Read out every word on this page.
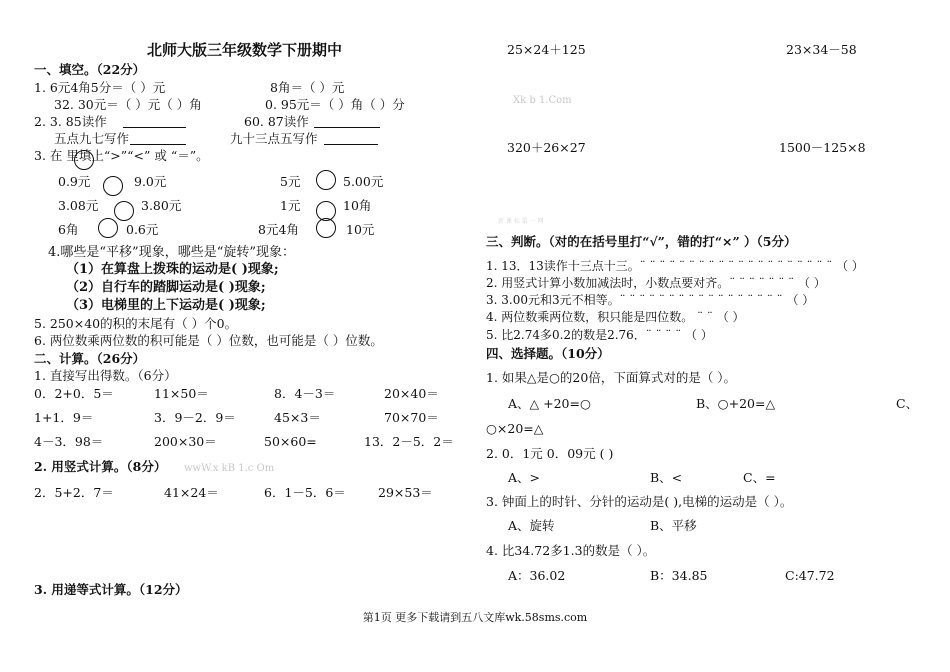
北师大版三年级数学下册期中
一、填空。（22分）
1. 6元4角5分＝（ ）元	8角＝（ ）元
32. 30元＝（ ）元（ ）角	0. 95元＝（ ）角（ ）分
2. 3. 85读作	60. 87读作
五点九七写作	九十三点五写作
3. 在 里填上“>”“<” 或 “＝”。
0.9元	9.0元	5元	5.00元
3.08元	3.80元	1元	10角
6角	0.6元	8元4角	10元
4.哪些是“平移”现象，哪些是“旋转”现象：
（1）在算盘上拨珠的运动是( )现象;
（2）自行车的踏脚运动是( )现象;
（3）电梯里的上下运动是( )现象;
5. 250×40的积的末尾有（ ）个0。
6. 两位数乘两位数的积可能是（ ）位数，也可能是（ ）位数。
二、计算。（26分）
1. 直接写出得数。（6分）
0．2+0．5＝	11×50＝	8．4－3＝	20×40＝
1+1．9＝	3．9－2．9＝	45×3＝	70×70＝
4－3．98＝	200×30＝	50×60=	13．2－5．2＝
2. 用竖式计算。（8分） wwW.x kB 1.c Om
2．5+2．7＝	41×24＝	6．1－5．6＝	29×53＝
3. 用递等式计算。（12分）
25×24＋125	23×34－58
Xk b 1.Com
320＋26×27	1500－125×8
新 课 标 第 一 网
三、判断。（对的在括号里打“√”，错的打“×” ）（5分）
1. 13．13读作十三点十三。¨ ¨ ¨ ¨ ¨ ¨ ¨ ¨ ¨ ¨ ¨ ¨ ¨ ¨ ¨ ¨ ¨ ¨ ¨ ¨ （ ）
2. 用竖式计算小数加减法时，小数点要对齐。¨ ¨ ¨ ¨ ¨ ¨ ¨ （ ）
3. 3.00元和3元不相等。¨ ¨ ¨ ¨ ¨ ¨ ¨ ¨ ¨ ¨ ¨ ¨ ¨ ¨ ¨ ¨ ¨ （ ）
4. 两位数乘两位数，积只能是四位数。 ¨ ¨ （ ）
5. 比2.74多0.2的数是2.76．¨ ¨ ¨ ¨ （ ）
四、选择题。（10分）
1. 如果△是○的20倍，下面算式对的是（ ）。
A、△ +20=○	B、○+20=△	C、
○×20=△
2. 0．1元 0．09元 ( )
A、>	B、<	C、=
3. 钟面上的时针、分针的运动是( ),电梯的运动是（ ）。
A、旋转	B、平移
4. 比34.72多1.3的数是（ ）。
A：36.02	B：34.85	C:47.72
第1页 更多下载请到五八文库wk.58sms.com
